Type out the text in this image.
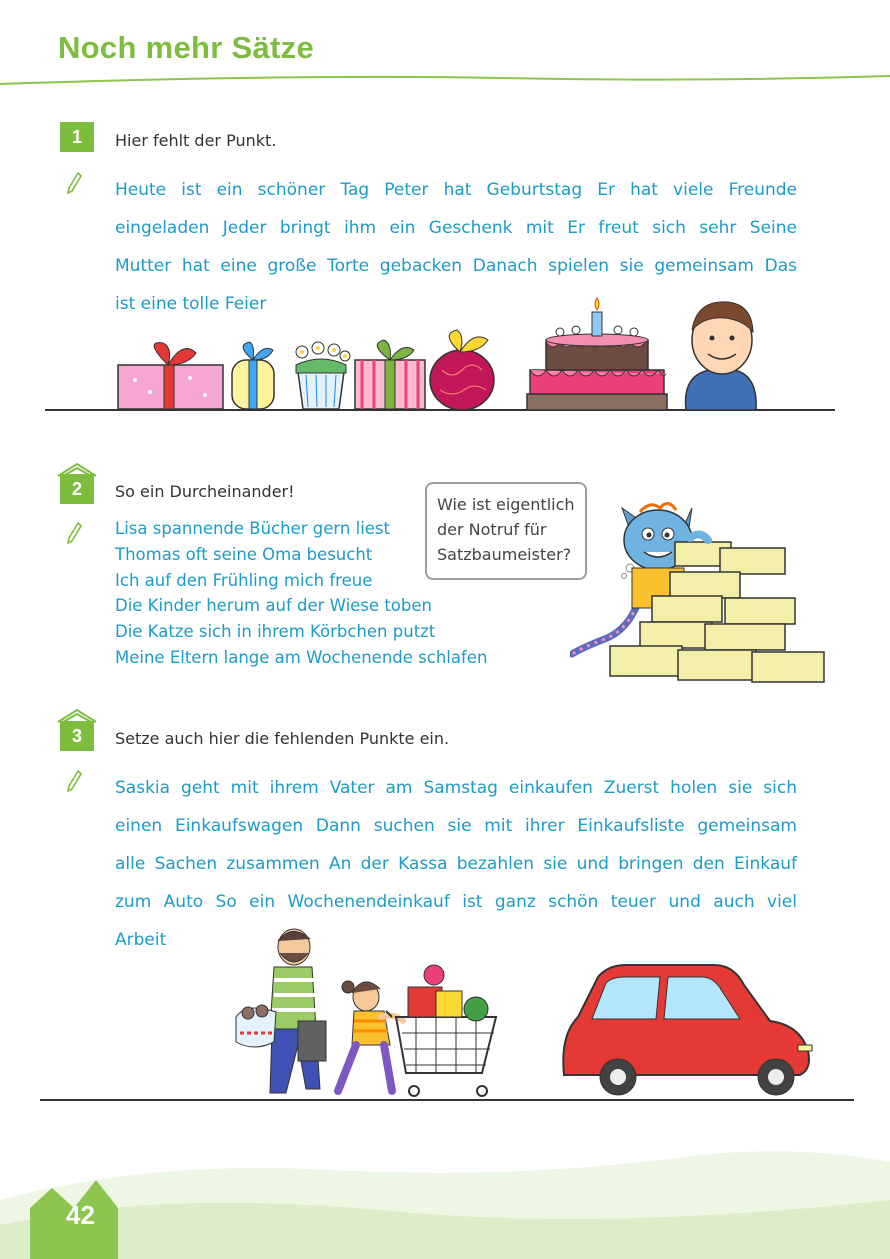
Noch mehr Sätze
1	Hier fehlt der Punkt.
Heute ist ein schöner Tag Peter hat Geburtstag Er hat viele Freunde
eingeladen Jeder bringt ihm ein Geschenk mit Er freut sich sehr Seine
Mutter hat eine große Torte gebacken Danach spielen sie gemeinsam Das
ist eine tolle Feier
2	So ein Durcheinander!
Lisa spannende Bücher gern liest
Thomas oft seine Oma besucht
Ich auf den Frühling mich freue
Die Kinder herum auf der Wiese toben
Die Katze sich in ihrem Körbchen putzt
Meine Eltern lange am Wochenende schlafen
Wie ist eigentlich
der Notruf für
Satzbaumeister?
3	Setze auch hier die fehlenden Punkte ein.
Saskia geht mit ihrem Vater am Samstag einkaufen Zuerst holen sie sich
einen Einkaufswagen Dann suchen sie mit ihrer Einkaufsliste gemeinsam
alle Sachen zusammen An der Kassa bezahlen sie und bringen den Einkauf
zum Auto So ein Wochenendeinkauf ist ganz schön teuer und auch viel
Arbeit
42
